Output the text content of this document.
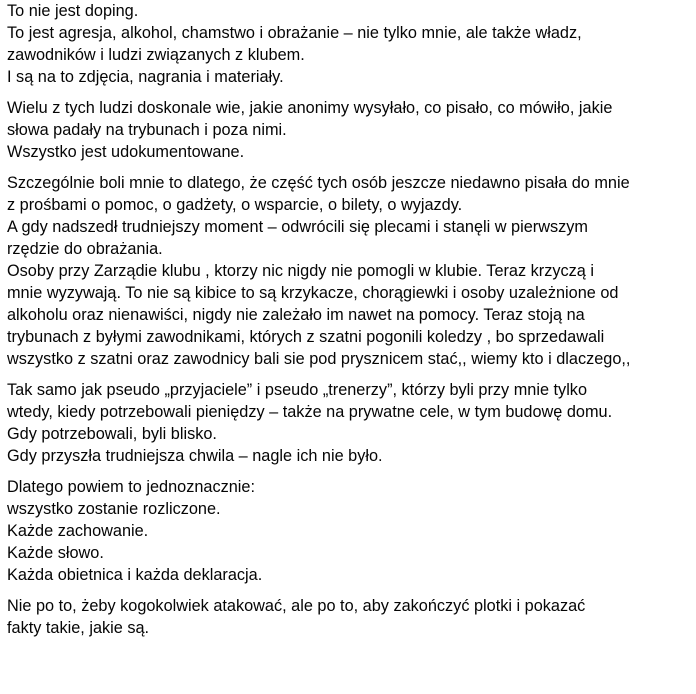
To nie jest doping.
To jest agresja, alkohol, chamstwo i obrażanie – nie tylko mnie, ale także władz,
zawodników i ludzi związanych z klubem.
I są na to zdjęcia, nagrania i materiały.
Wielu z tych ludzi doskonale wie, jakie anonimy wysyłało, co pisało, co mówiło, jakie
słowa padały na trybunach i poza nimi.
Wszystko jest udokumentowane.
Szczególnie boli mnie to dlatego, że część tych osób jeszcze niedawno pisała do mnie
z prośbami o pomoc, o gadżety, o wsparcie, o bilety, o wyjazdy.
A gdy nadszedł trudniejszy moment – odwrócili się plecami i stanęli w pierwszym
rzędzie do obrażania.
Osoby przy Zarządie klubu , ktorzy nic nigdy nie pomogli w klubie. Teraz krzyczą i
mnie wyzywają. To nie są kibice to są krzykacze, chorągiewki i osoby uzależnione od
alkoholu oraz nienawiści, nigdy nie zależało im nawet na pomocy. Teraz stoją na
trybunach z byłymi zawodnikami, których z szatni pogonili koledzy , bo sprzedawali
wszystko z szatni oraz zawodnicy bali sie pod prysznicem stać,, wiemy kto i dlaczego,,
Tak samo jak pseudo „przyjaciele” i pseudo „trenerzy”, którzy byli przy mnie tylko
wtedy, kiedy potrzebowali pieniędzy – także na prywatne cele, w tym budowę domu.
Gdy potrzebowali, byli blisko.
Gdy przyszła trudniejsza chwila – nagle ich nie było.
Dlatego powiem to jednoznacznie:
wszystko zostanie rozliczone.
Każde zachowanie.
Każde słowo.
Każda obietnica i każda deklaracja.
Nie po to, żeby kogokolwiek atakować, ale po to, aby zakończyć plotki i pokazać
fakty takie, jakie są.
